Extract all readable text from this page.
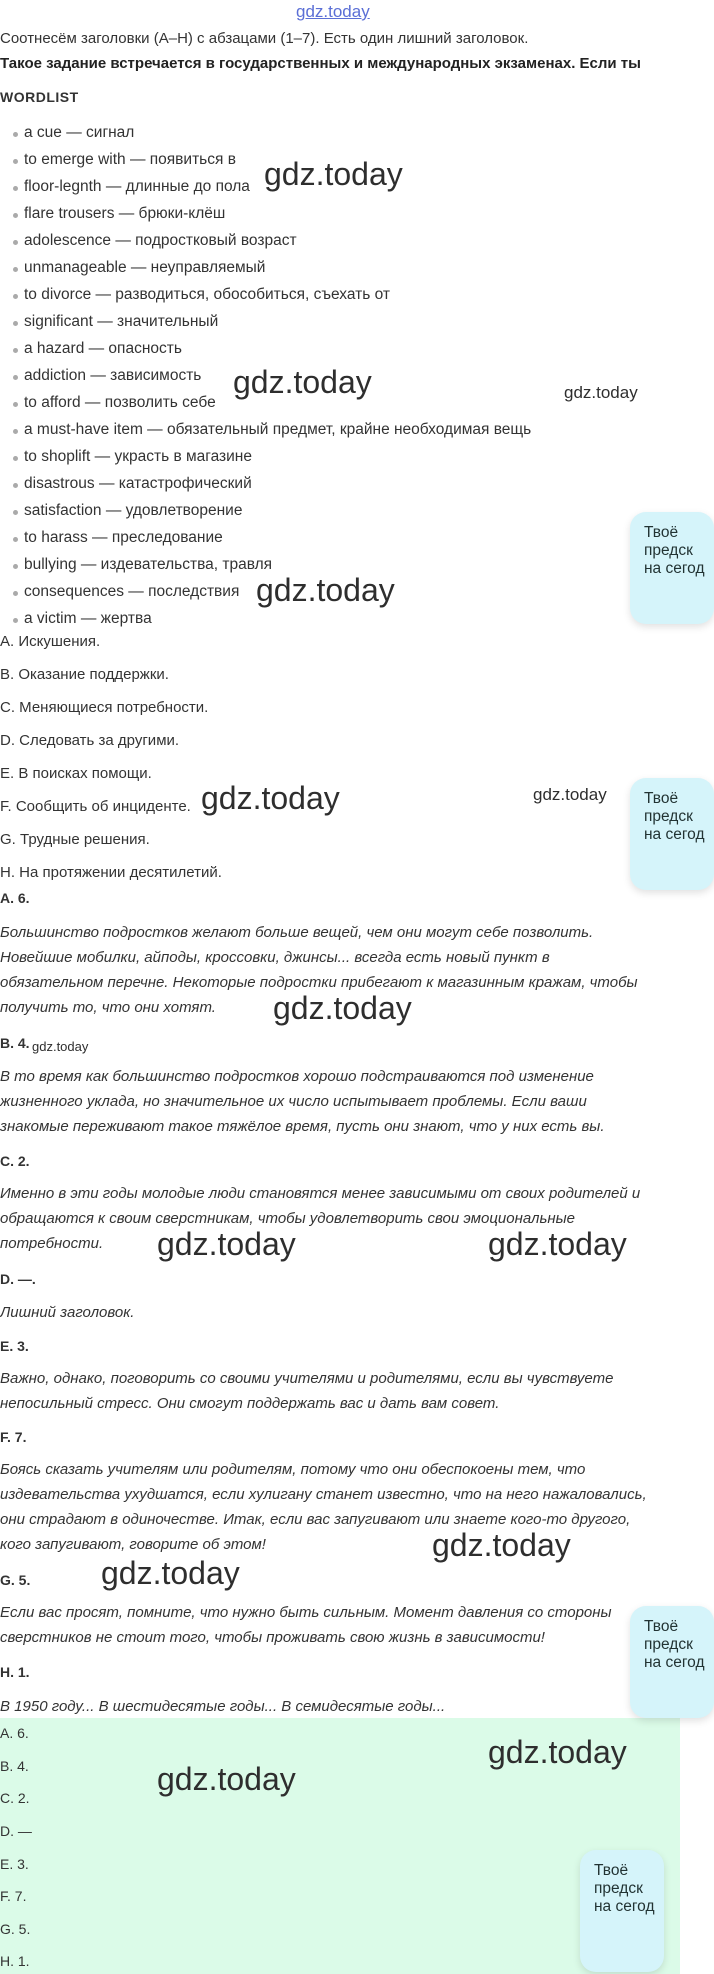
gdz.today
Соотнесём заголовки (A–H) с абзацами (1–7). Есть один лишний заголовок.
Такое задание встречается в государственных и международных экзаменах. Если ты
WORDLIST
a cue — сигнал
to emerge with — появиться в
floor-legnth — длинные до пола
flare trousers — брюки-клёш
adolescence — подростковый возраст
unmanageable — неуправляемый
to divorce — разводиться, обособиться, съехать от
significant — значительный
a hazard — опасность
addiction — зависимость
to afford — позволить себе
a must-have item — обязательный предмет, крайне необходимая вещь
to shoplift — украсть в магазине
disastrous — катастрофический
satisfaction — удовлетворение
to harass — преследование
bullying — издевательства, травля
consequences — последствия
a victim — жертва
A. Искушения.
B. Оказание поддержки.
C. Меняющиеся потребности.
D. Следовать за другими.
E. В поисках помощи.
F. Сообщить об инциденте.
G. Трудные решения.
H. На протяжении десятилетий.
A. 6.
Большинство подростков желают больше вещей, чем они могут себе позволить.
Новейшие мобилки, айподы, кроссовки, джинсы... всегда есть новый пункт в
обязательном перечне. Некоторые подростки прибегают к магазинным кражам, чтобы
получить то, что они хотят.
B. 4.
В то время как большинство подростков хорошо подстраиваются под изменение
жизненного уклада, но значительное их число испытывает проблемы. Если ваши
знакомые переживают такое тяжёлое время, пусть они знают, что у них есть вы.
C. 2.
Именно в эти годы молодые люди становятся менее зависимыми от своих родителей и
обращаются к своим сверстникам, чтобы удовлетворить свои эмоциональные
потребности.
D. —.
Лишний заголовок.
E. 3.
Важно, однако, поговорить со своими учителями и родителями, если вы чувствуете
непосильный стресс. Они смогут поддержать вас и дать вам совет.
F. 7.
Боясь сказать учителям или родителям, потому что они обеспокоены тем, что
издевательства ухудшатся, если хулигану станет известно, что на него нажаловались,
они страдают в одиночестве. Итак, если вас запугивают или знаете кого-то другого,
кого запугивают, говорите об этом!
G. 5.
Если вас просят, помните, что нужно быть сильным. Момент давления со стороны
сверстников не стоит того, чтобы проживать свою жизнь в зависимости!
H. 1.
В 1950 году... В шестидесятые годы... В семидесятые годы...
A. 6.
B. 4.
C. 2.
D. —
E. 3.
F. 7.
G. 5.
H. 1.
gdz.today
gdz.today	gdz.today
gdz.today
gdz.today	gdz.today
gdz.today
gdz.today
gdz.today	gdz.today
gdz.today
gdz.today
gdz.today
gdz.today
Твоё
предск
на сегод
Твоё
предск
на сегод
Твоё
предск
на сегод
Твоё
предск
на сегод
